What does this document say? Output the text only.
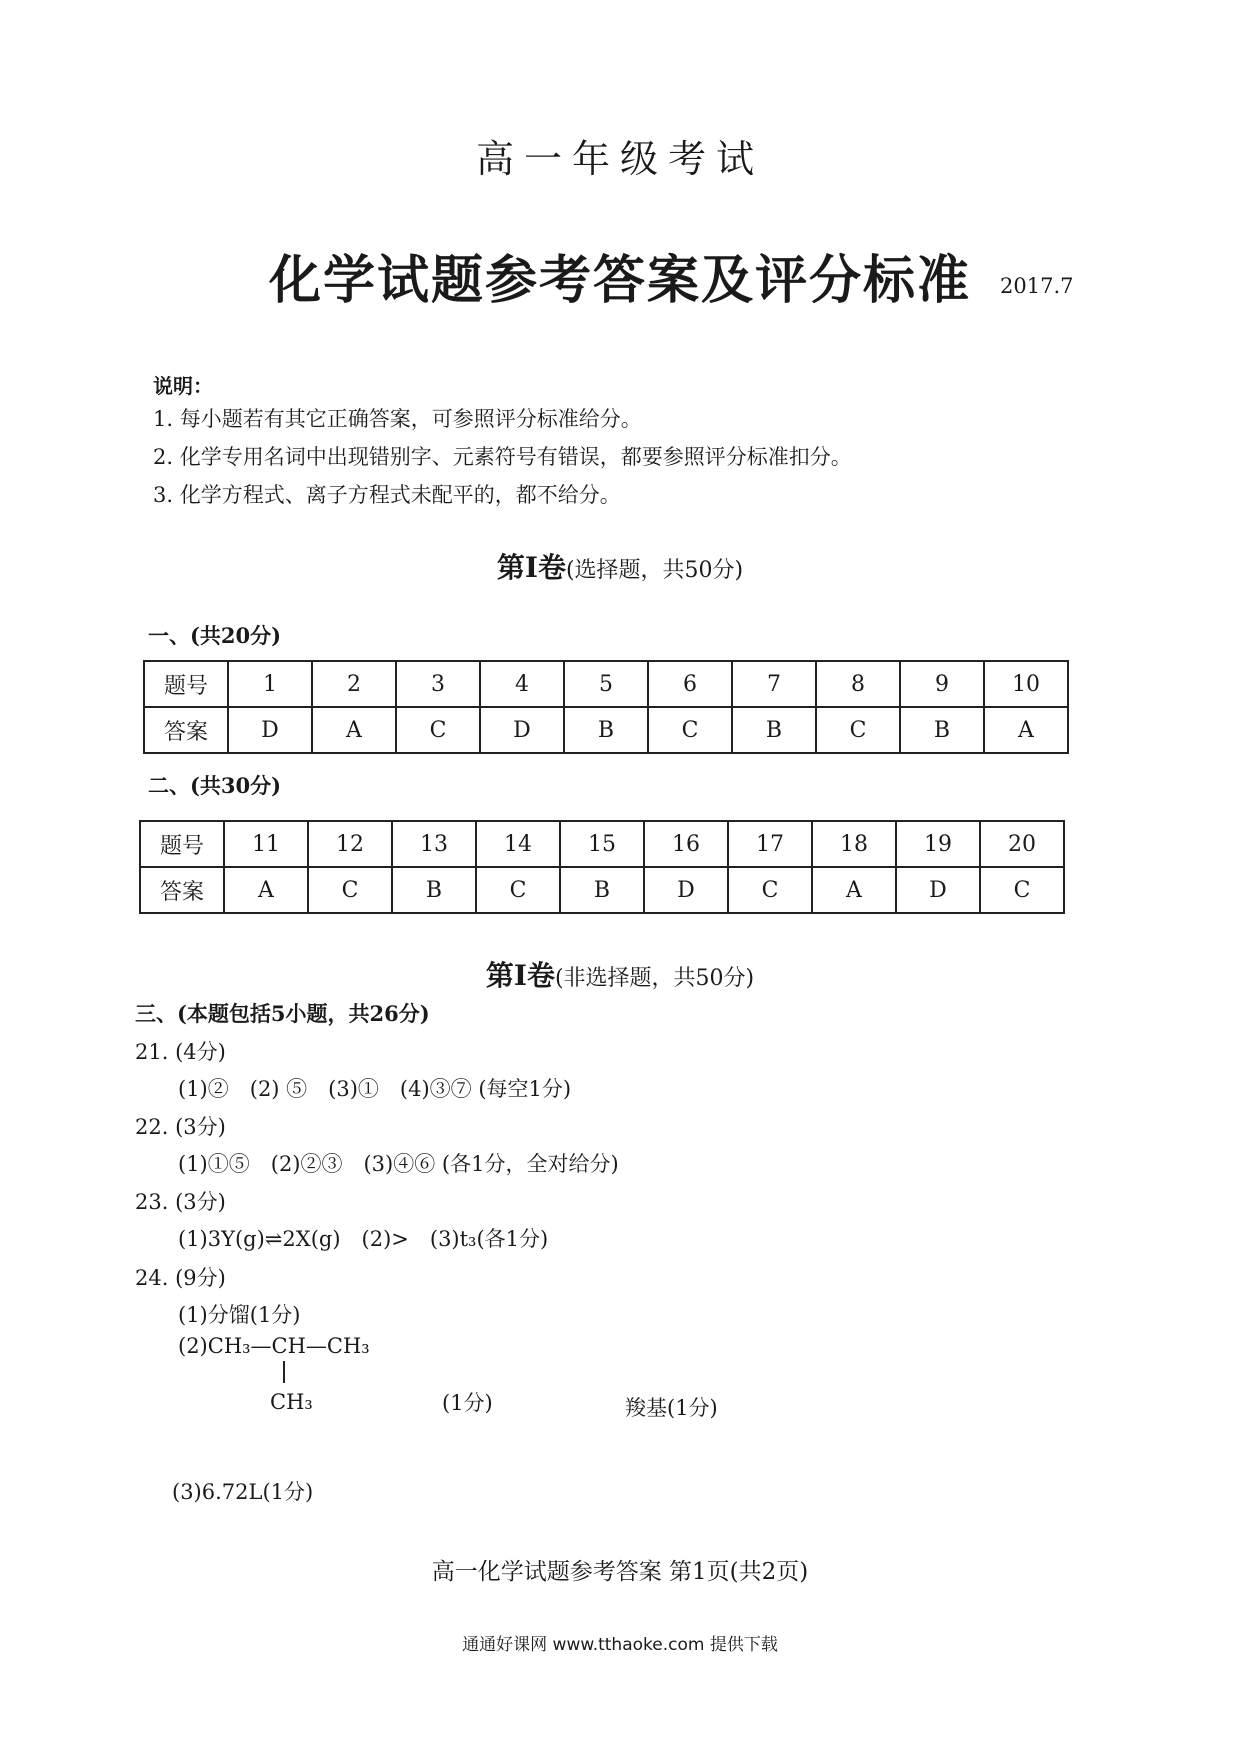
高一年级考试
化学试题参考答案及评分标准	2017.7
说明：
1. 每小题若有其它正确答案，可参照评分标准给分。
2. 化学专用名词中出现错别字、元素符号有错误，都要参照评分标准扣分。
3. 化学方程式、离子方程式未配平的，都不给分。
第Ⅰ卷(选择题，共50分)
一、(共20分)
题号	1	2	3	4	5	6	7	8	9	10
答案	D	A	C	D	B	C	B	C	B	A
二、(共30分)
题号	11	12	13	14	15	16	17	18	19	20
答案	A	C	B	C	B	D	C	A	D	C
第Ⅰ卷(非选择题，共50分)
三、(本题包括5小题，共26分)
21. (4分)
(1)②　(2) ⑤　(3)①　(4)③⑦ (每空1分)
22. (3分)
(1)①⑤　(2)②③　(3)④⑥ (各1分，全对给分)
23. (3分)
(1)3Y(g)⇌2X(g)　(2)>　(3)t₃(各1分)
24. (9分)
(1)分馏(1分)
(2)CH₃—CH—CH₃
CH₃	(1分)	羧基(1分)
(3)6.72L(1分)
高一化学试题参考答案 第1页(共2页)
通通好课网 www.tthaoke.com 提供下载
